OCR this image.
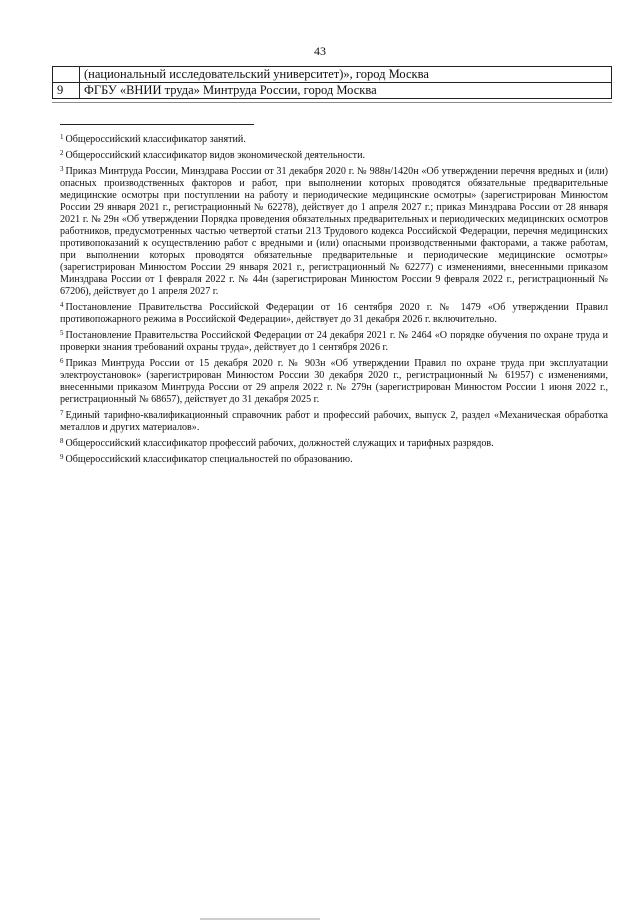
43
	(национальный исследовательский университет)», город Москва
9	ФГБУ «ВНИИ труда» Минтруда России, город Москва

$^1$ Общероссийский классификатор занятий.

$^2$ Общероссийский классификатор видов экономической деятельности.

$^3$ Приказ Минтруда России, Минздрава России от 31 декабря 2020 г. № 988н/1420н «Об утверждении перечня вредных и (или) опасных производственных факторов и работ, при выполнении которых проводятся обязательные предварительные медицинские осмотры при поступлении на работу и периодические медицинские осмотры» (зарегистрирован Минюстом России 29 января 2021 г., регистрационный № 62278), действует до 1 апреля 2027 г.; приказ Минздрава России от 28 января 2021 г. № 29н «Об утверждении Порядка проведения обязательных предварительных и периодических медицинских осмотров работников, предусмотренных частью четвертой статьи 213 Трудового кодекса Российской Федерации, перечня медицинских противопоказаний к осуществлению работ с вредными и (или) опасными производственными факторами, а также работам, при выполнении которых проводятся обязательные предварительные и периодические медицинские осмотры» (зарегистрирован Минюстом России 29 января 2021 г., регистрационный № 62277) с изменениями, внесенными приказом Минздрава России от 1 февраля 2022 г. № 44н (зарегистрирован Минюстом России 9 февраля 2022 г., регистрационный № 67206), действует до 1 апреля 2027 г.

$^4$ Постановление Правительства Российской Федерации от 16 сентября 2020 г. № 1479 «Об утверждении Правил противопожарного режима в Российской Федерации», действует до 31 декабря 2026 г. включительно.

$^5$ Постановление Правительства Российской Федерации от 24 декабря 2021 г. № 2464 «О порядке обучения по охране труда и проверки знания требований охраны труда», действует до 1 сентября 2026 г.

$^6$ Приказ Минтруда России от 15 декабря 2020 г. № 903н «Об утверждении Правил по охране труда при эксплуатации электроустановок» (зарегистрирован Минюстом России 30 декабря 2020 г., регистрационный № 61957) с изменениями, внесенными приказом Минтруда России от 29 апреля 2022 г. № 279н (зарегистрирован Минюстом России 1 июня 2022 г., регистрационный № 68657), действует до 31 декабря 2025 г.

$^7$ Единый тарифно-квалификационный справочник работ и профессий рабочих, выпуск 2, раздел «Механическая обработка металлов и других материалов».

$^8$ Общероссийский классификатор профессий рабочих, должностей служащих и тарифных разрядов.

$^9$ Общероссийский классификатор специальностей по образованию.
